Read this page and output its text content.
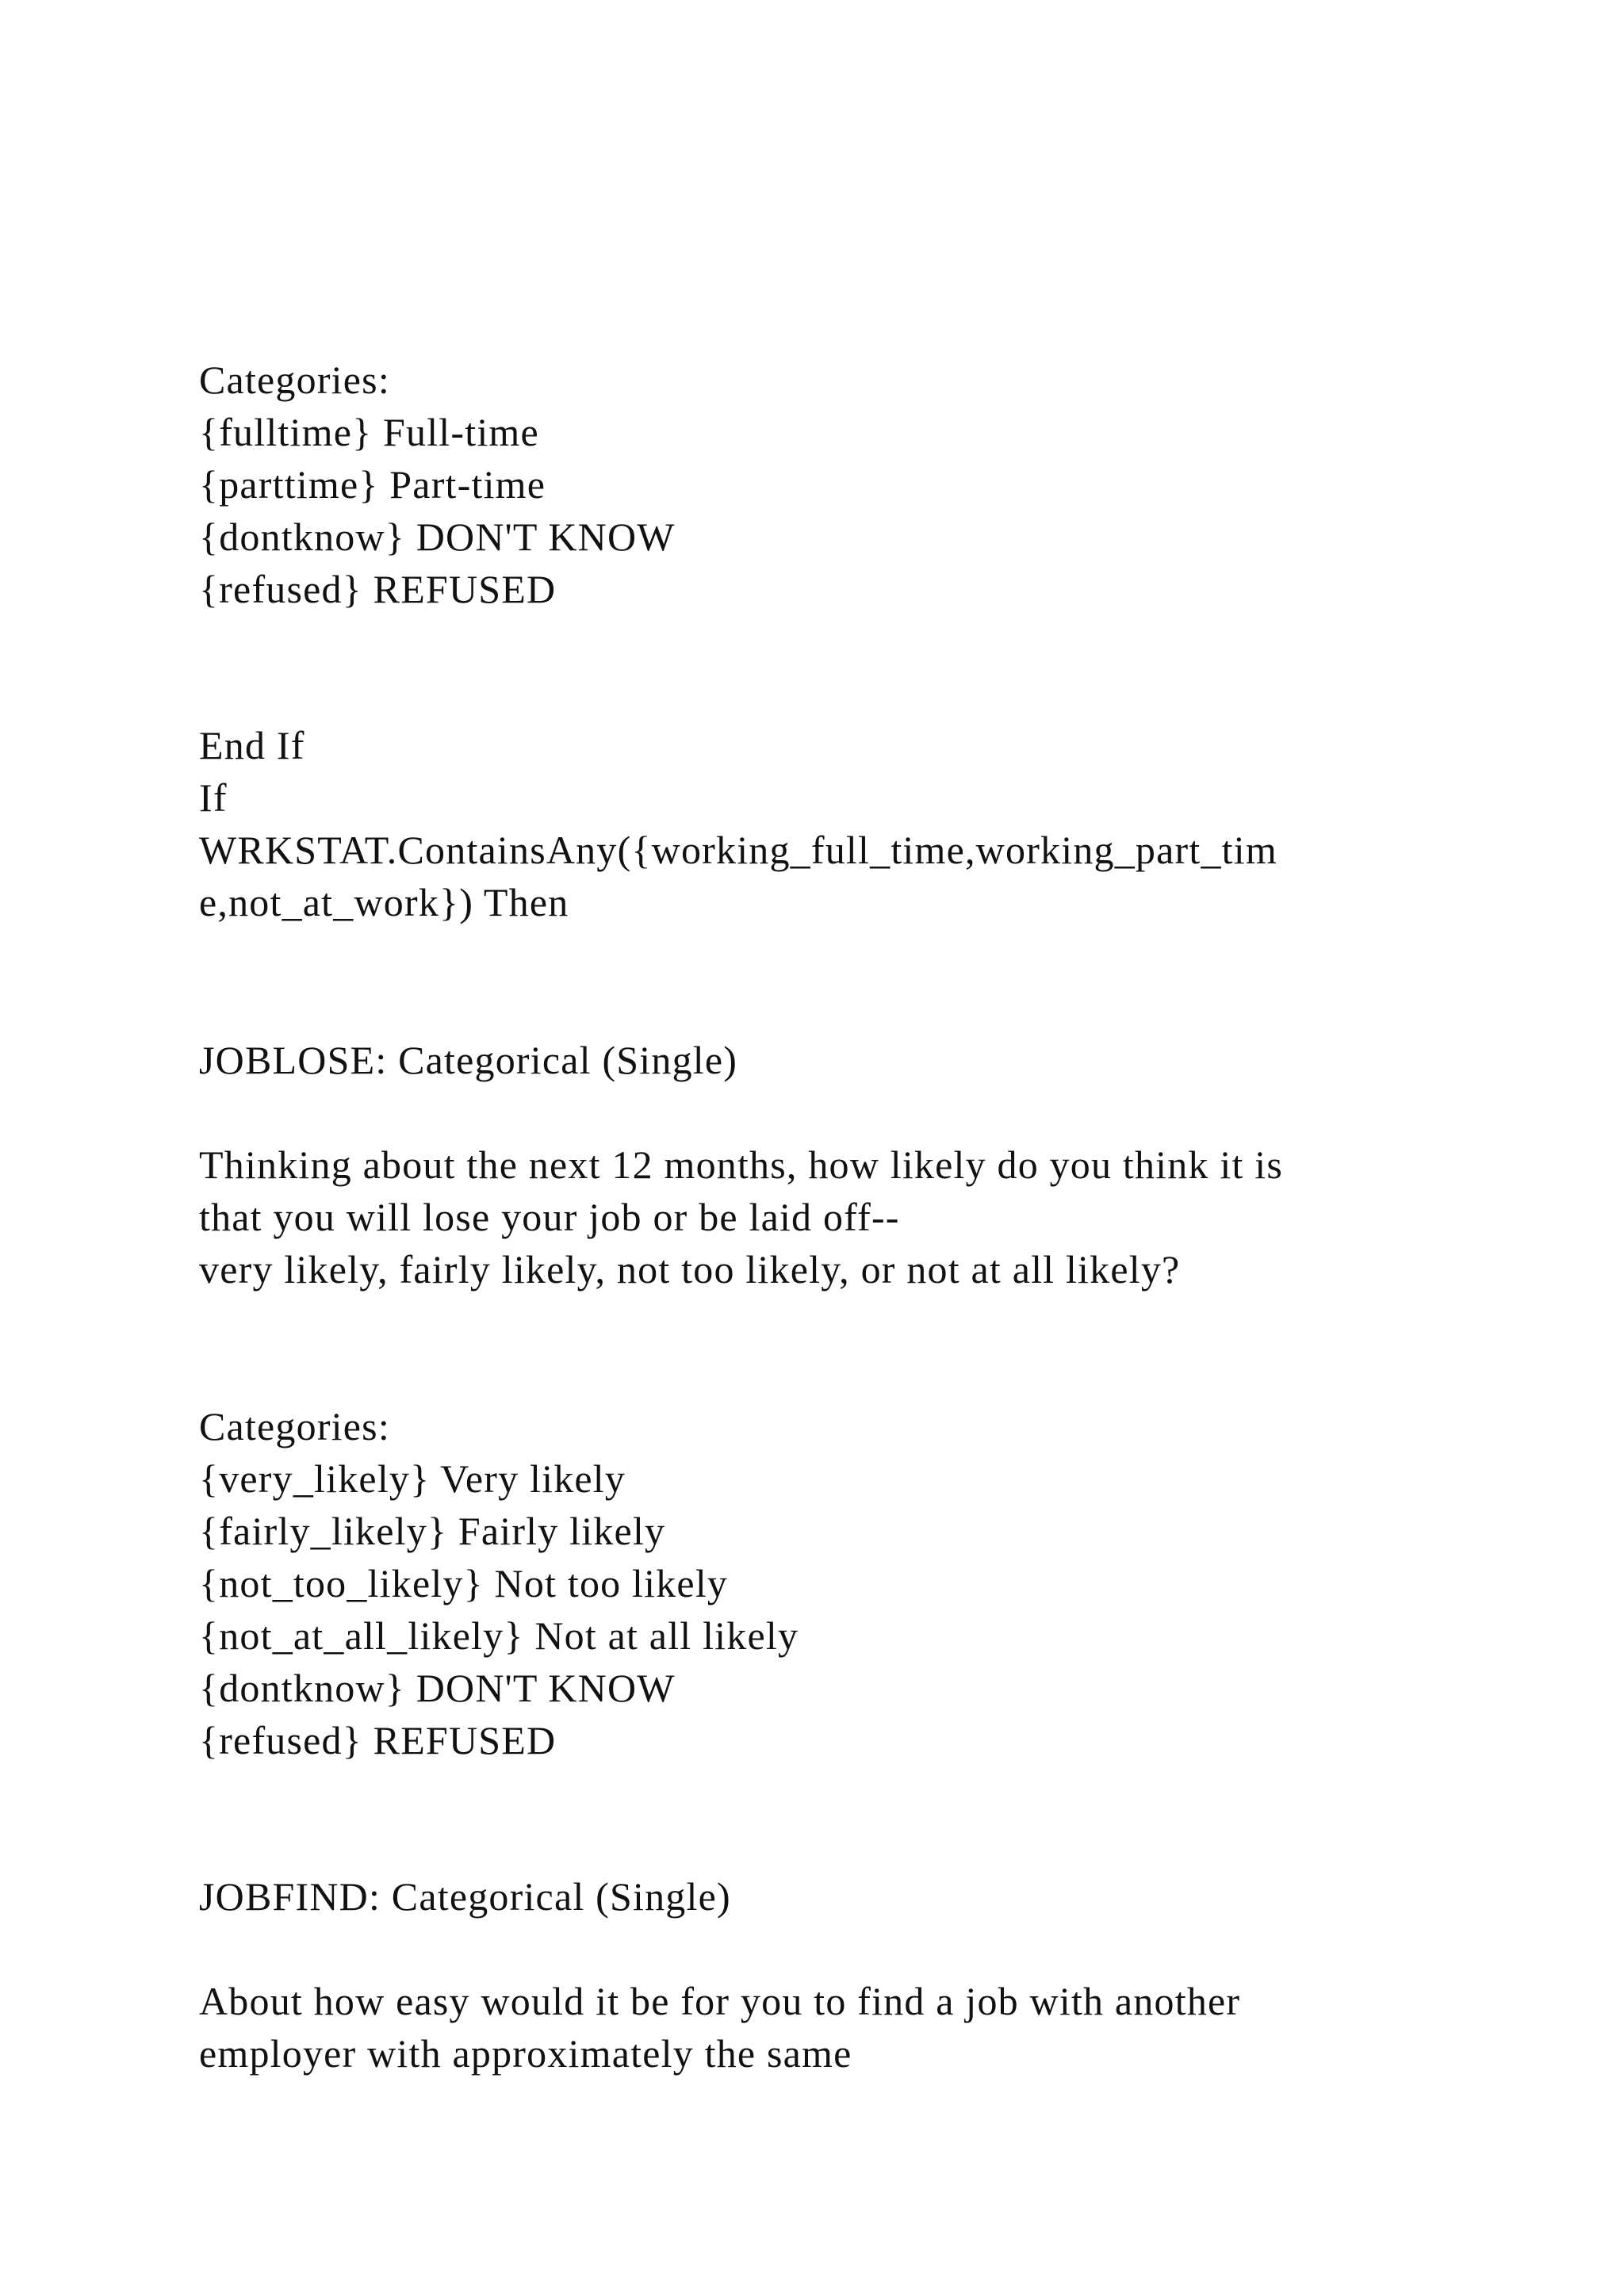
Categories:
{fulltime} Full-time
{parttime} Part-time
{dontknow} DON'T KNOW
{refused} REFUSED
End If
If
WRKSTAT.ContainsAny({working_full_time,working_part_tim
e,not_at_work}) Then
JOBLOSE: Categorical (Single)
Thinking about the next 12 months, how likely do you think it is
that you will lose your job or be laid off--
very likely, fairly likely, not too likely, or not at all likely?
Categories:
{very_likely} Very likely
{fairly_likely} Fairly likely
{not_too_likely} Not too likely
{not_at_all_likely} Not at all likely
{dontknow} DON'T KNOW
{refused} REFUSED
JOBFIND: Categorical (Single)
About how easy would it be for you to find a job with another
employer with approximately the same
